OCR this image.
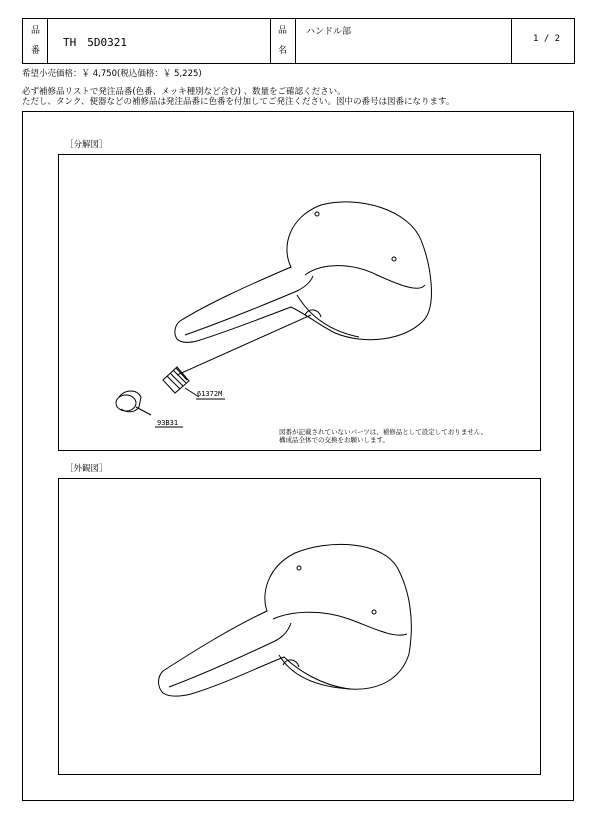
品
番
TH　5D0321
品
名
ハンドル部
1 / 2
希望小売価格：￥ 4,750(税込価格：￥ 5,225)
必ず補修品リストで発注品番(色番、メッキ種別など含む) 、数量をご確認ください。
ただし、タンク、便器などの補修品は発注品番に色番を付加してご発注ください。図中の番号は図番になります。
［分解図］
61372M
93B31
図番が記載されていないパーツは、補修品として設定しておりません。
構成品全体での交換をお願いします。
［外観図］
